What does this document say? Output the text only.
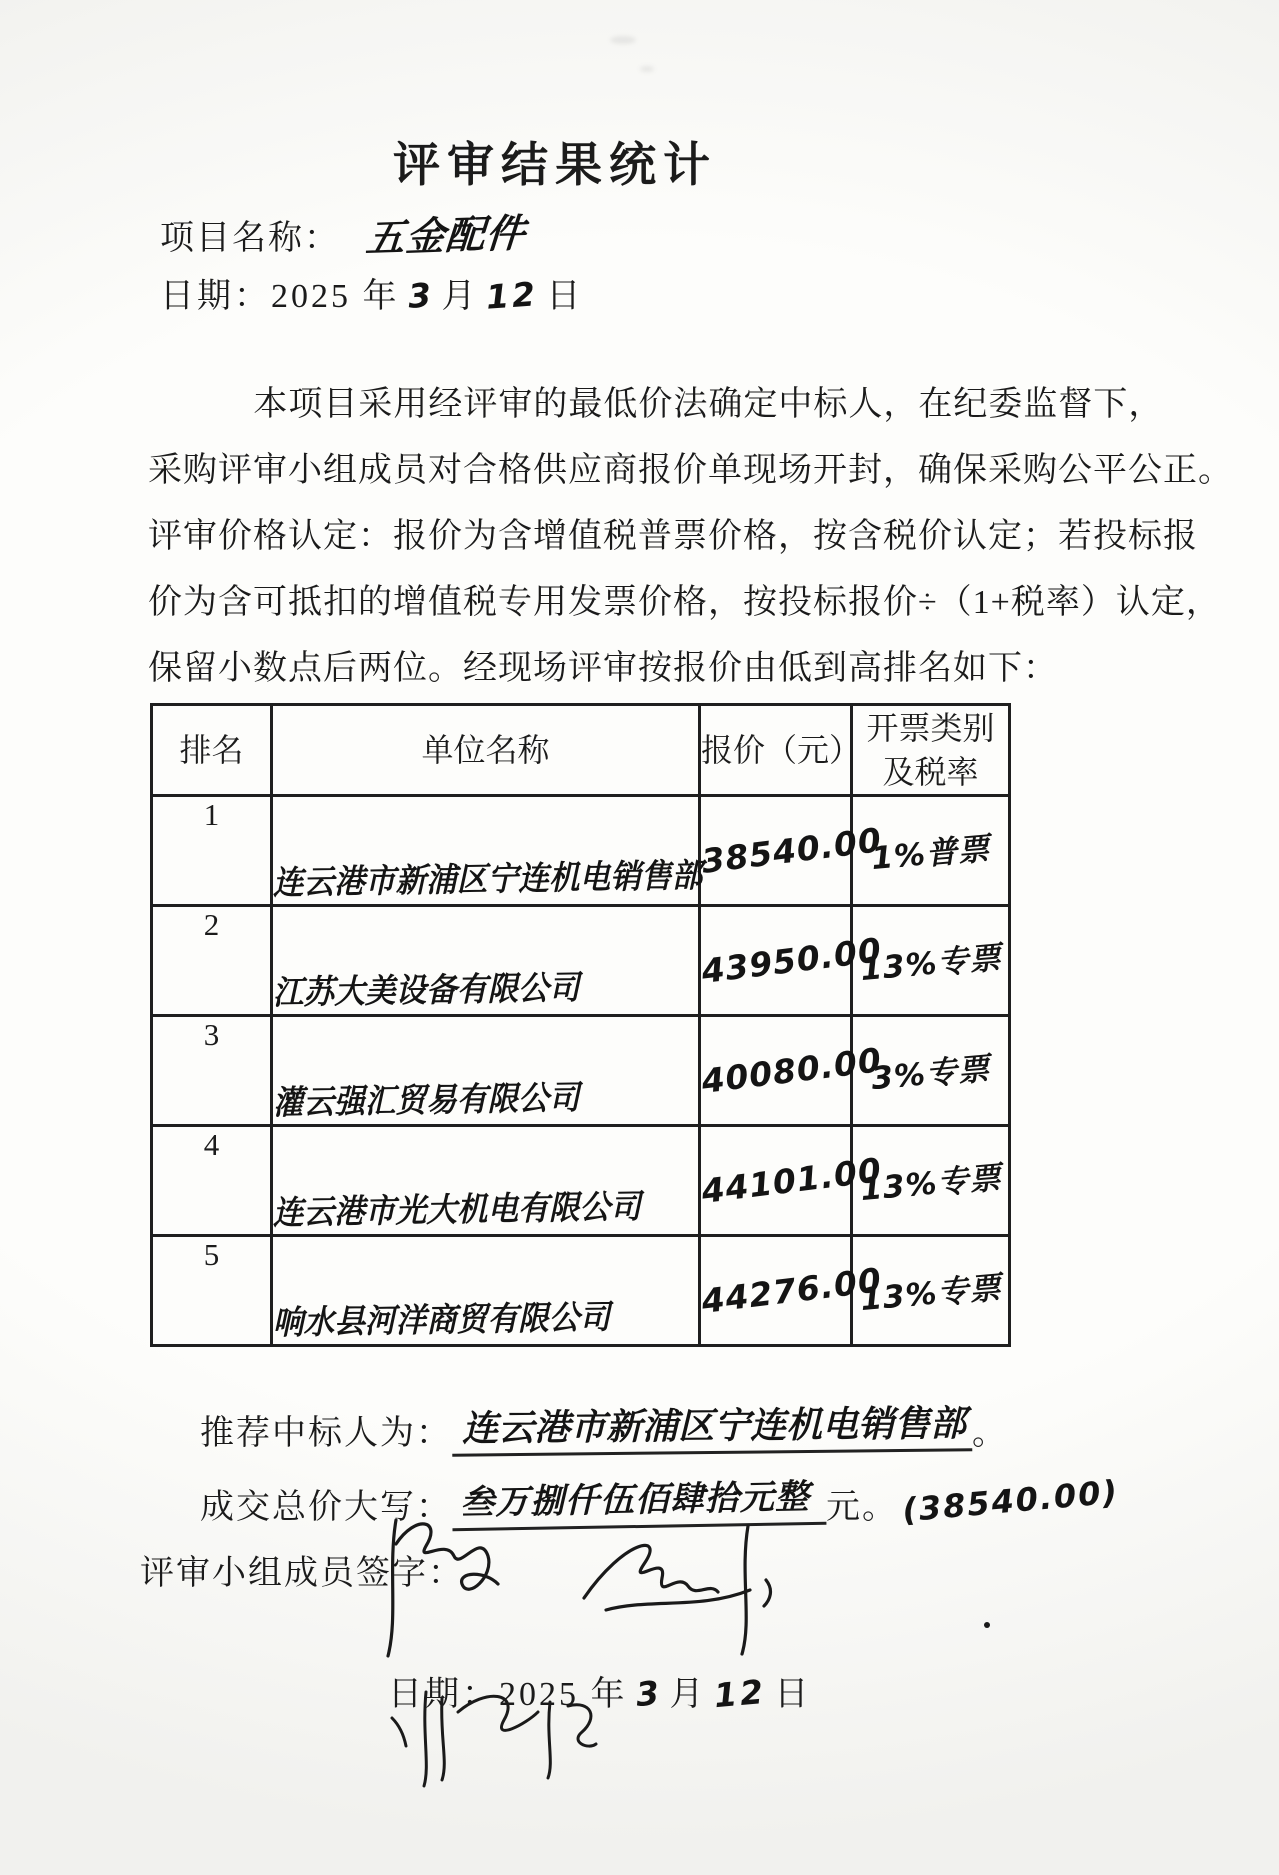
评审结果统计
项目名称： 五金配件
日期：2025 年 3 月 12 日
本项目采用经评审的最低价法确定中标人，在纪委监督下，
采购评审小组成员对合格供应商报价单现场开封，确保采购公平公正。
评审价格认定：报价为含增值税普票价格，按含税价认定；若投标报
价为含可抵扣的增值税专用发票价格，按投标报价÷（1+税率）认定，
保留小数点后两位。经现场评审按报价由低到高排名如下：
排名	单位名称	报价（元）	开票类别及税率
1	连云港市新浦区宁连机电销售部	38540.00	1%普票
2	江苏大美设备有限公司	43950.00	13%专票
3	灌云强汇贸易有限公司	40080.00	3%专票
4	连云港市光大机电有限公司	44101.00	13%专票
5	响水县河洋商贸有限公司	44276.00	13%专票
推荐中标人为： 连云港市新浦区宁连机电销售部 。
成交总价大写： 叁万捌仟伍佰肆拾元整 元。(38540.00)
评审小组成员签字：

日期：2025 年 3 月 12 日
